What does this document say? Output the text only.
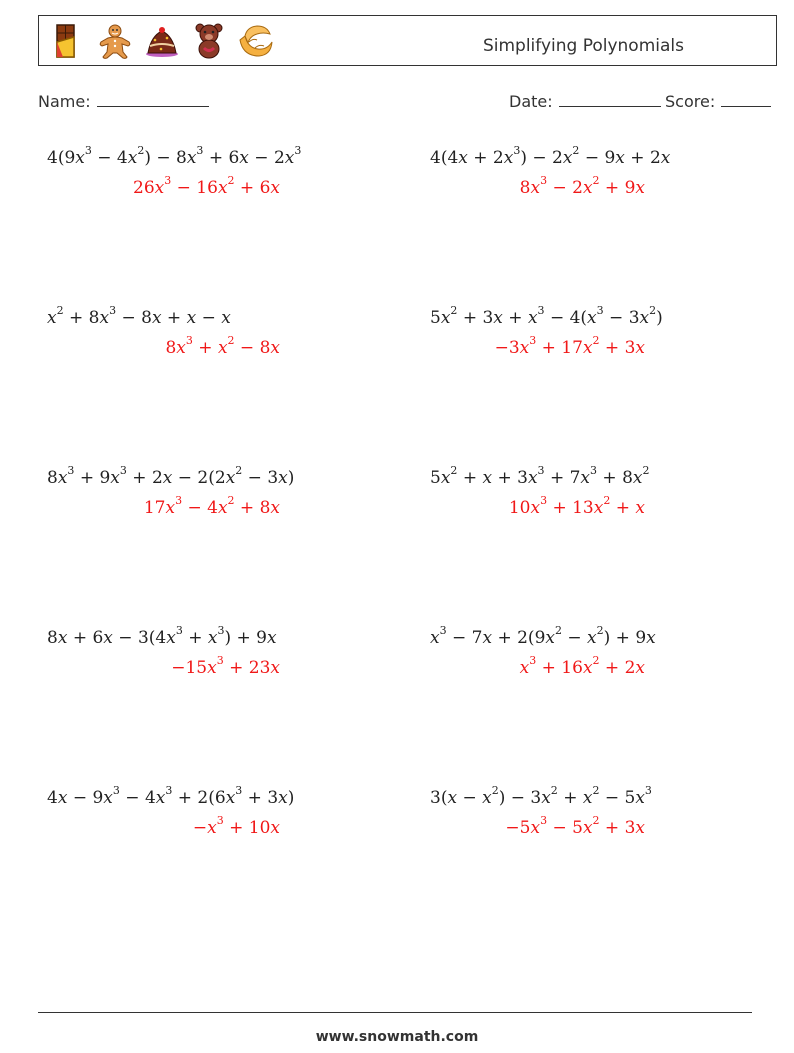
Simplifying Polynomials
Name:	Date:	Score:
$4(9x^3 - 4x^2) - 8x^3 + 6x - 2x^3$
$26x^3 - 16x^2 + 6x$
$4(4x + 2x^3) - 2x^2 - 9x + 2x$
$8x^3 - 2x^2 + 9x$
$x^2 + 8x^3 - 8x + x - x$
$8x^3 + x^2 - 8x$
$5x^2 + 3x + x^3 - 4(x^3 - 3x^2)$
$-3x^3 + 17x^2 + 3x$
$8x^3 + 9x^3 + 2x - 2(2x^2 - 3x)$
$17x^3 - 4x^2 + 8x$
$5x^2 + x + 3x^3 + 7x^3 + 8x^2$
$10x^3 + 13x^2 + x$
$8x + 6x - 3(4x^3 + x^3) + 9x$
$-15x^3 + 23x$
$x^3 - 7x + 2(9x^2 - x^2) + 9x$
$x^3 + 16x^2 + 2x$
$4x - 9x^3 - 4x^3 + 2(6x^3 + 3x)$
$-x^3 + 10x$
$3(x - x^2) - 3x^2 + x^2 - 5x^3$
$-5x^3 - 5x^2 + 3x$
www.snowmath.com
